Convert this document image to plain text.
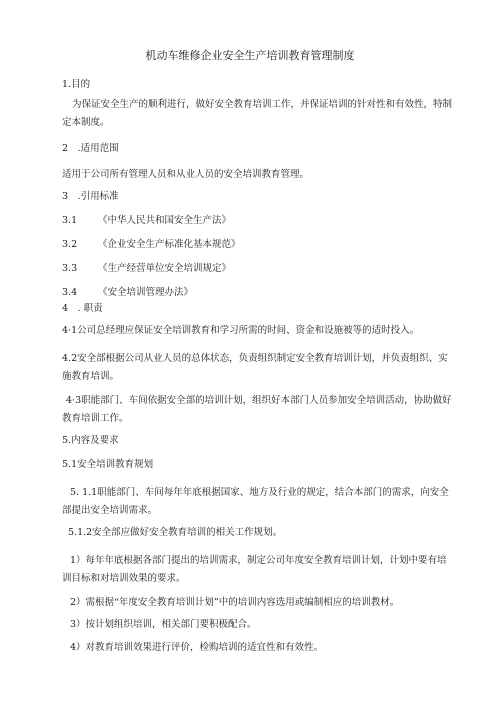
机动车维修企业安全生产培训教育管理制度

1.目的

为保证安全生产的顺利进行，做好安全教育培训工作，并保证培训的针对性和有效性，特制定本制度。

2　.适用范围

适用于公司所有管理人员和从业人员的安全培训教育管理。

3　.引用标准

3.1 《中华人民共和国安全生产法》

3.2 《企业安全生产标准化基本规范》

3.3 《生产经营单位安全培训规定》

3.4 《安全培训管理办法》

4　. 职责

4·1公司总经理应保证安全培训教育和学习所需的时间、资金和设施被等的适时投入。

4.2安全部根据公司从业人员的总体状态，负责组织制定安全教育培训计划，并负责组织、实施教育培训。

4·3职能部门、车间依据安全部的培训计划，组织好本部门人员参加安全培训活动，协助做好教育培训工作。

5.内容及要求

5.1安全培训教育规划

5. 1.1职能部门、车间每年年底根据国家、地方及行业的规定，结合本部门的需求，向安全部提出安全培训需求。

5.1.2安全部应做好安全教育培训的相关工作规划。

1）每年年底根据各部门提出的培训需求，制定公司年度安全教育培训计划，计划中要有培训目标和对培训效果的要求。

2）需根据“年度安全教育培训计划”中的培训内容选用或编制相应的培训教材。

3）按计划组织培训，相关部门要积极配合。

4）对教育培训效果进行评价，检购培训的适宜性和有效性。
